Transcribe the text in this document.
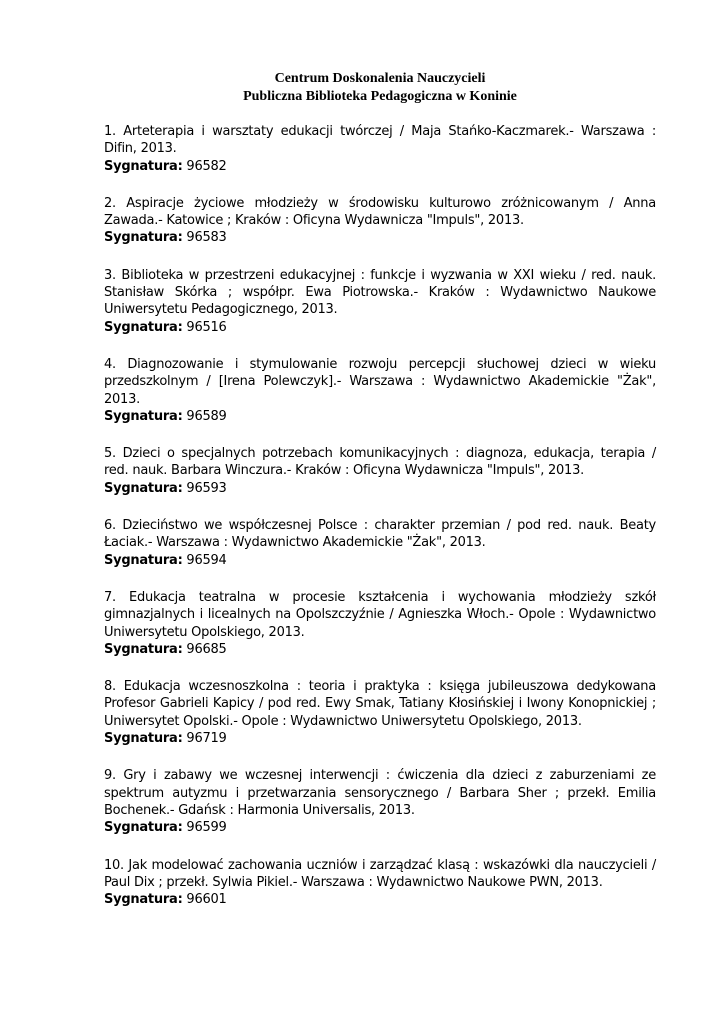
Centrum Doskonalenia Nauczycieli
Publiczna Biblioteka Pedagogiczna w Koninie

1. Arteterapia i warsztaty edukacji twórczej / Maja Stańko-Kaczmarek.- Warszawa : Difin, 2013.

Sygnatura: 96582

2. Aspiracje życiowe młodzieży w środowisku kulturowo zróżnicowanym / Anna Zawada.- Katowice ; Kraków : Oficyna Wydawnicza "Impuls", 2013.

Sygnatura: 96583

3. Biblioteka w przestrzeni edukacyjnej : funkcje i wyzwania w XXI wieku / red. nauk. Stanisław Skórka ; współpr. Ewa Piotrowska.- Kraków : Wydawnictwo Naukowe Uniwersytetu Pedagogicznego, 2013.

Sygnatura: 96516

4. Diagnozowanie i stymulowanie rozwoju percepcji słuchowej dzieci w wieku przedszkolnym / [Irena Polewczyk].- Warszawa : Wydawnictwo Akademickie "Żak", 2013.

Sygnatura: 96589

5. Dzieci o specjalnych potrzebach komunikacyjnych : diagnoza, edukacja, terapia / red. nauk. Barbara Winczura.- Kraków : Oficyna Wydawnicza "Impuls", 2013.

Sygnatura: 96593

6. Dzieciństwo we współczesnej Polsce : charakter przemian / pod red. nauk. Beaty Łaciak.- Warszawa : Wydawnictwo Akademickie "Żak", 2013.

Sygnatura: 96594

7. Edukacja teatralna w procesie kształcenia i wychowania młodzieży szkół gimnazjalnych i licealnych na Opolszczyźnie / Agnieszka Włoch.- Opole : Wydawnictwo Uniwersytetu Opolskiego, 2013.

Sygnatura: 96685

8. Edukacja wczesnoszkolna : teoria i praktyka : księga jubileuszowa dedykowana Profesor Gabrieli Kapicy / pod red. Ewy Smak, Tatiany Kłosińskiej i Iwony Konopnickiej ; Uniwersytet Opolski.- Opole : Wydawnictwo Uniwersytetu Opolskiego, 2013.

Sygnatura: 96719

9. Gry i zabawy we wczesnej interwencji : ćwiczenia dla dzieci z zaburzeniami ze spektrum autyzmu i przetwarzania sensorycznego / Barbara Sher ; przekł. Emilia Bochenek.- Gdańsk : Harmonia Universalis, 2013.

Sygnatura: 96599

10. Jak modelować zachowania uczniów i zarządzać klasą : wskazówki dla nauczycieli / Paul Dix ; przekł. Sylwia Pikiel.- Warszawa : Wydawnictwo Naukowe PWN, 2013.

Sygnatura: 96601
